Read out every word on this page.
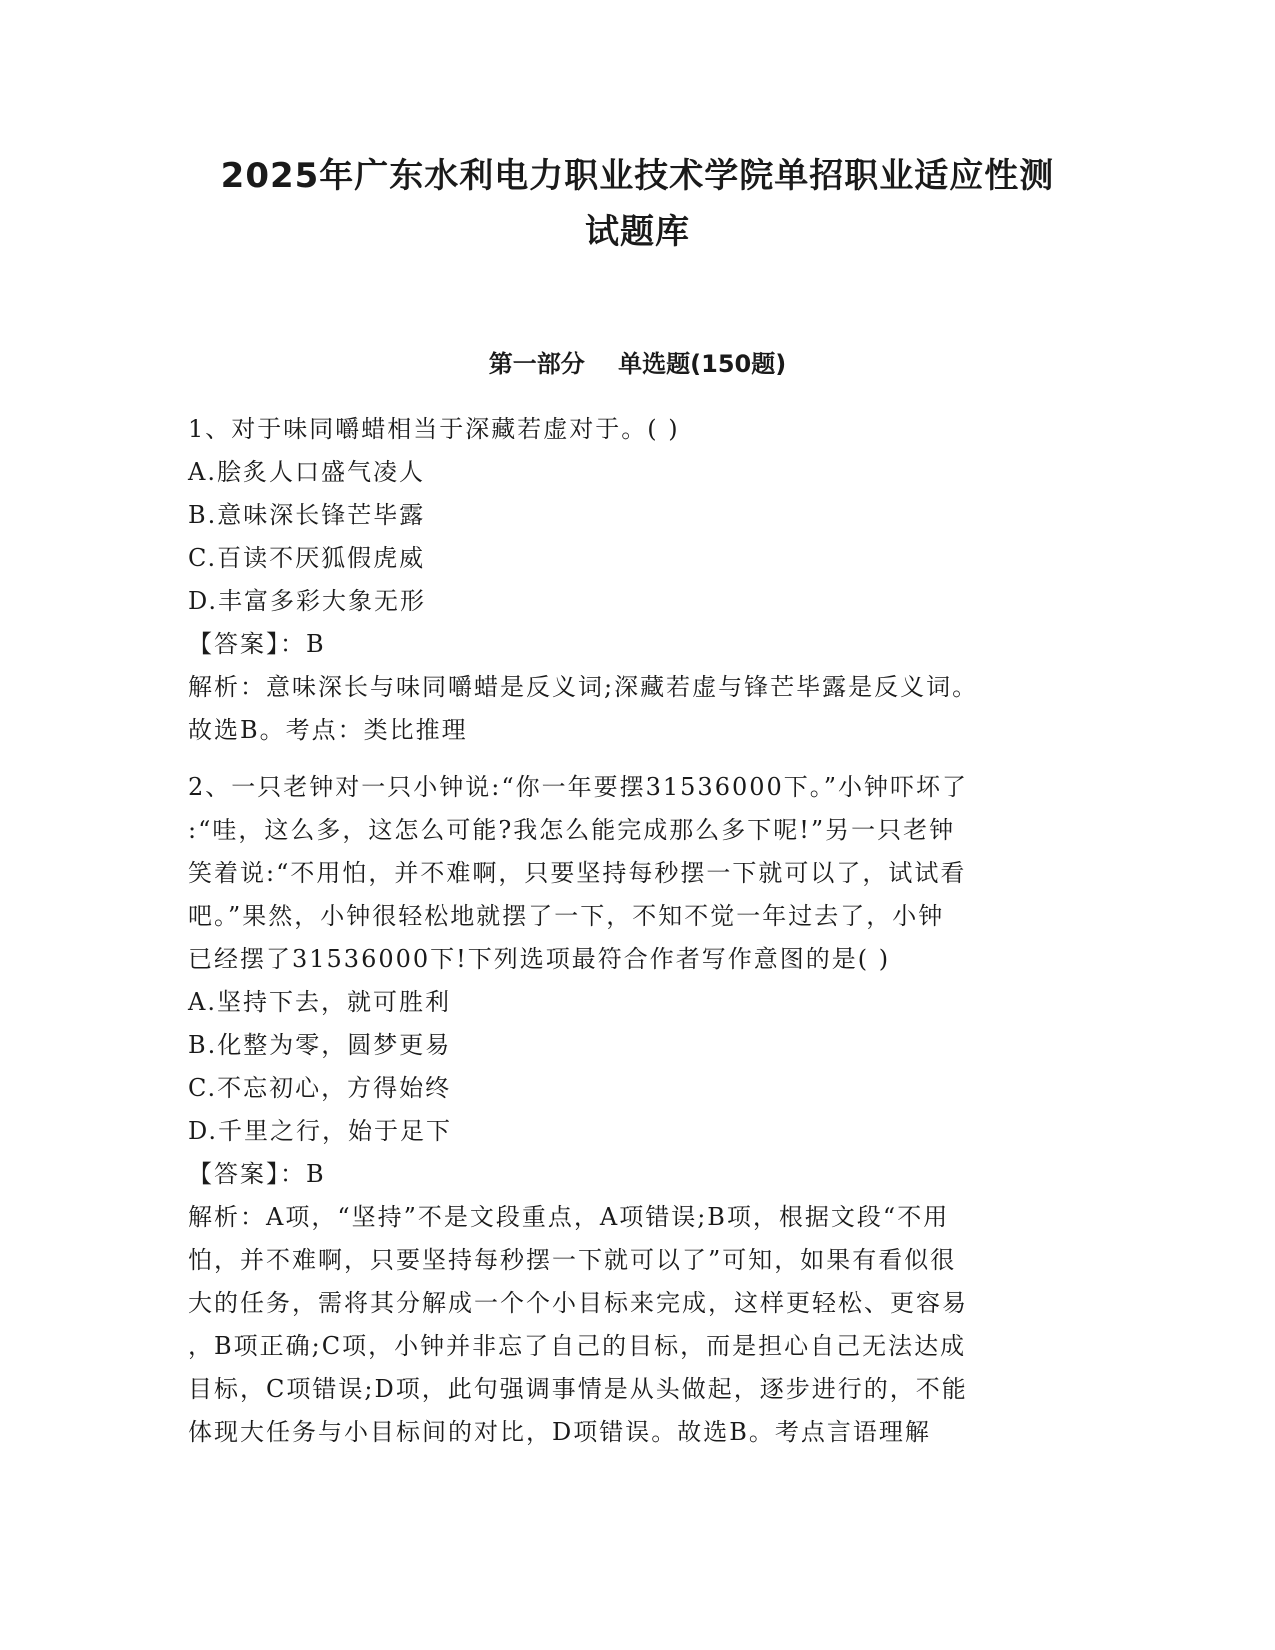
2025年广东水利电力职业技术学院单招职业适应性测
试题库
第一部分    单选题(150题)

1、对于味同嚼蜡相当于深藏若虚对于。( )

A.脍炙人口盛气凌人

B.意味深长锋芒毕露

C.百读不厌狐假虎威

D.丰富多彩大象无形

【答案】：B

解析：意味深长与味同嚼蜡是反义词;深藏若虚与锋芒毕露是反义词。

故选B。考点：类比推理

2、一只老钟对一只小钟说:“你一年要摆31536000下。”小钟吓坏了

:“哇，这么多，这怎么可能?我怎么能完成那么多下呢!”另一只老钟

笑着说:“不用怕，并不难啊，只要坚持每秒摆一下就可以了，试试看

吧。”果然，小钟很轻松地就摆了一下，不知不觉一年过去了，小钟

已经摆了31536000下!下列选项最符合作者写作意图的是( )

A.坚持下去，就可胜利

B.化整为零，圆梦更易

C.不忘初心，方得始终

D.千里之行，始于足下

【答案】：B

解析：A项，“坚持”不是文段重点，A项错误;B项，根据文段“不用

怕，并不难啊，只要坚持每秒摆一下就可以了”可知，如果有看似很

大的任务，需将其分解成一个个小目标来完成，这样更轻松、更容易

，B项正确;C项，小钟并非忘了自己的目标，而是担心自己无法达成

目标，C项错误;D项，此句强调事情是从头做起，逐步进行的，不能

体现大任务与小目标间的对比，D项错误。故选B。考点言语理解
